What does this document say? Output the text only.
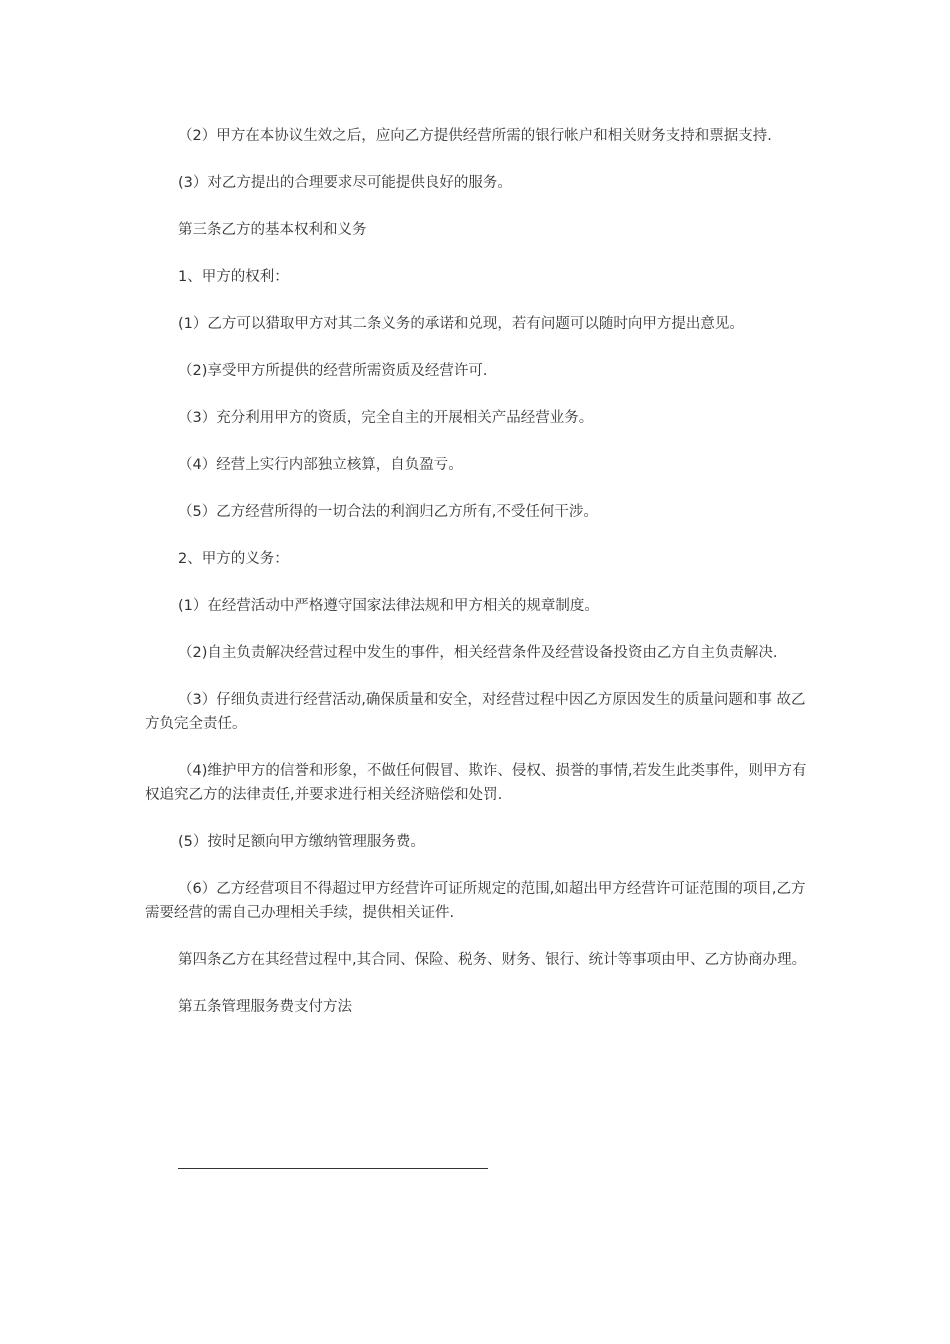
（2）甲方在本协议生效之后，应向乙方提供经营所需的银行帐户和相关财务支持和票据支持.

(3）对乙方提出的合理要求尽可能提供良好的服务。

第三条乙方的基本权利和义务

1、甲方的权利：

(1）乙方可以猎取甲方对其二条义务的承诺和兑现，若有问题可以随时向甲方提出意见。

（2)享受甲方所提供的经营所需资质及经营许可.

（3）充分利用甲方的资质，完全自主的开展相关产品经营业务。

（4）经营上实行内部独立核算，自负盈亏。

（5）乙方经营所得的一切合法的利润归乙方所有,不受任何干涉。

2、甲方的义务：

(1）在经营活动中严格遵守国家法律法规和甲方相关的规章制度。

（2)自主负责解决经营过程中发生的事件，相关经营条件及经营设备投资由乙方自主负责解决.

（3）仔细负责进行经营活动,确保质量和安全，对经营过程中因乙方原因发生的质量问题和事 故乙方负完全责任。

（4)维护甲方的信誉和形象，不做任何假冒、欺诈、侵权、损誉的事情,若发生此类事件，则甲方有权追究乙方的法律责任,并要求进行相关经济赔偿和处罚.

(5）按时足额向甲方缴纳管理服务费。

（6）乙方经营项目不得超过甲方经营许可证所规定的范围,如超出甲方经营许可证范围的项目,乙方需要经营的需自己办理相关手续，提供相关证件.

第四条乙方在其经营过程中,其合同、保险、税务、财务、银行、统计等事项由甲、乙方协商办理。

第五条管理服务费支付方法
